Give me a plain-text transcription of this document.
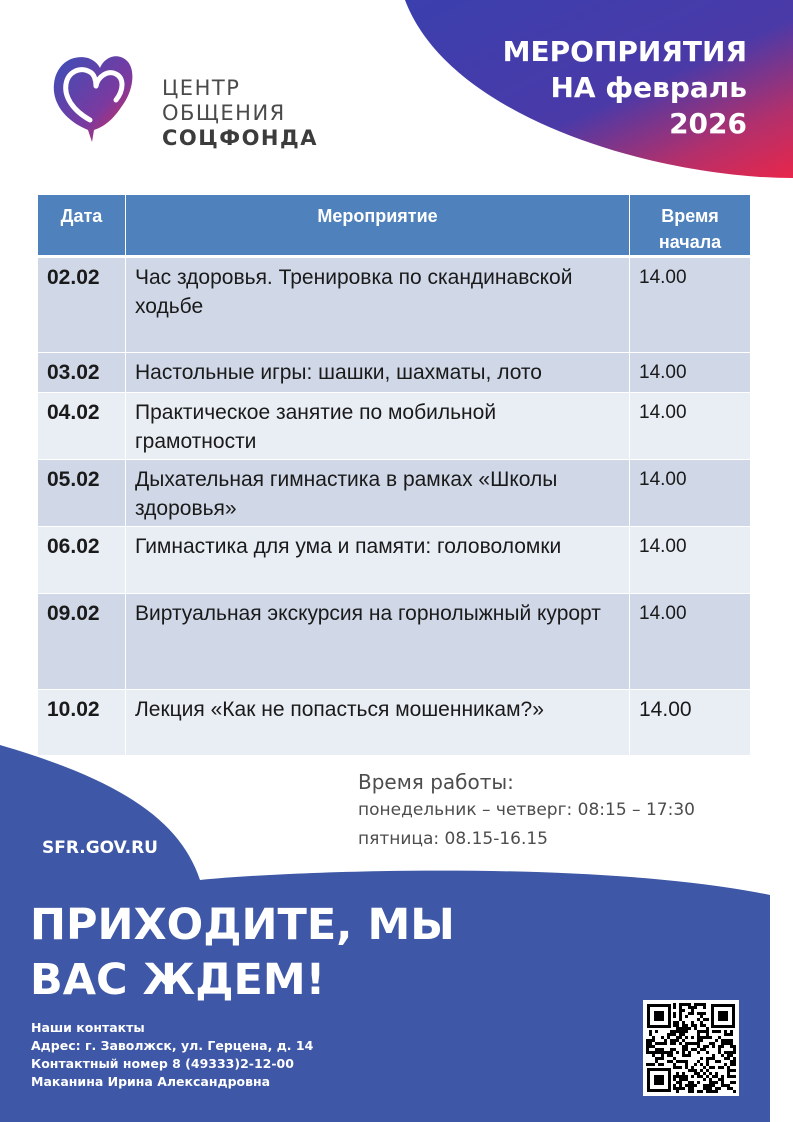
ЦЕНТР
ОБЩЕНИЯ
СОЦФОНДА
МЕРОПРИЯТИЯ
НА февраль
2026
Дата	Мероприятие	Время начала
02.02	Час здоровья. Тренировка по скандинавской ходьбе	14.00
03.02	Настольные игры: шашки, шахматы, лото	14.00
04.02	Практическое занятие по мобильной грамотности	14.00
05.02	Дыхательная гимнастика в рамках «Школы здоровья»	14.00
06.02	Гимнастика для ума и памяти: головоломки	14.00
09.02	Виртуальная экскурсия на горнолыжный курорт	14.00
10.02	Лекция «Как не попасться мошенникам?»	14.00
Время работы:
понедельник – четверг: 08:15 – 17:30
пятница: 08.15-16.15
SFR.GOV.RU
ПРИХОДИТЕ, МЫ
ВАС ЖДЕМ!
Наши контакты
Адрес: г. Заволжск, ул. Герцена, д. 14
Контактный номер 8 (49333)2-12-00
Маканина Ирина Александровна
